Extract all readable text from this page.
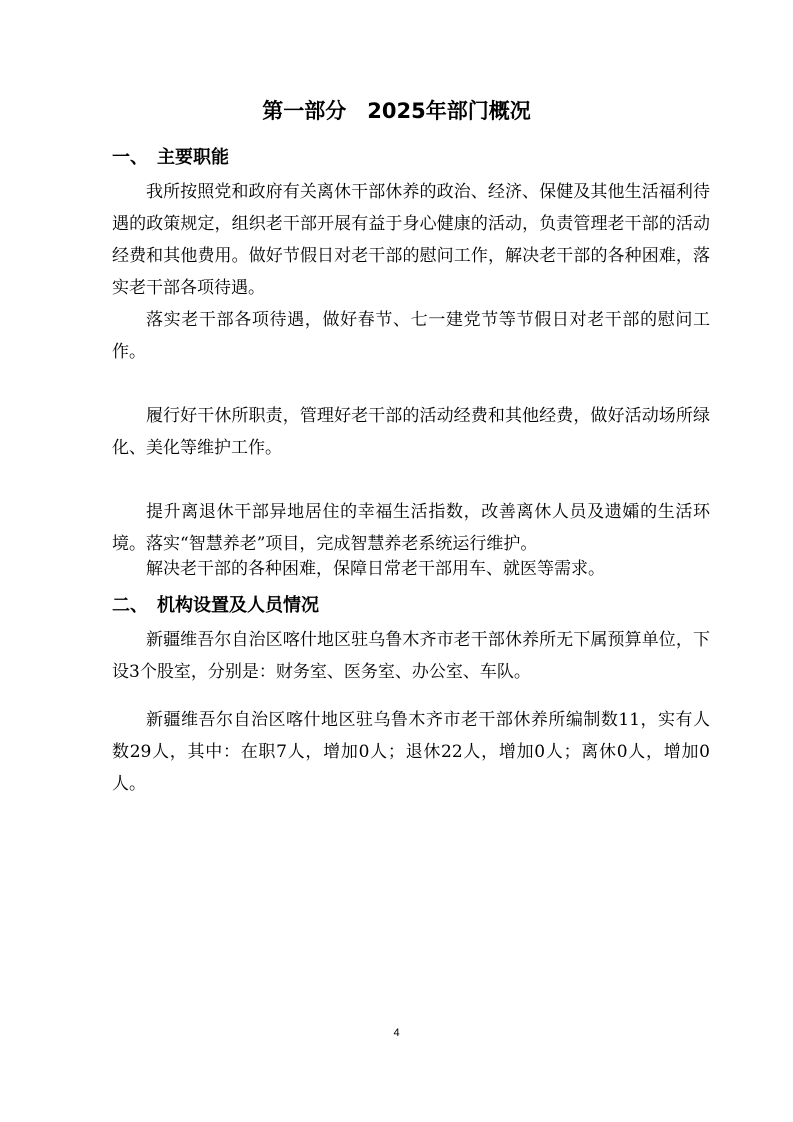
第一部分　2025年部门概况
一、　主要职能

我所按照党和政府有关离休干部休养的政治、经济、保健及其他生活福利待遇的政策规定，组织老干部开展有益于身心健康的活动，负责管理老干部的活动经费和其他费用。做好节假日对老干部的慰问工作，解决老干部的各种困难，落实老干部各项待遇。

落实老干部各项待遇，做好春节、七一建党节等节假日对老干部的慰问工作。

履行好干休所职责，管理好老干部的活动经费和其他经费，做好活动场所绿化、美化等维护工作。

提升离退休干部异地居住的幸福生活指数，改善离休人员及遗孀的生活环境。落实“智慧养老”项目，完成智慧养老系统运行维护。

解决老干部的各种困难，保障日常老干部用车、就医等需求。

二、　机构设置及人员情况

新疆维吾尔自治区喀什地区驻乌鲁木齐市老干部休养所无下属预算单位，下设3个股室，分别是：财务室、医务室、办公室、车队。

新疆维吾尔自治区喀什地区驻乌鲁木齐市老干部休养所编制数11，实有人数29人，其中：在职7人，增加0人；退休22人，增加0人；离休0人，增加0人。

4
